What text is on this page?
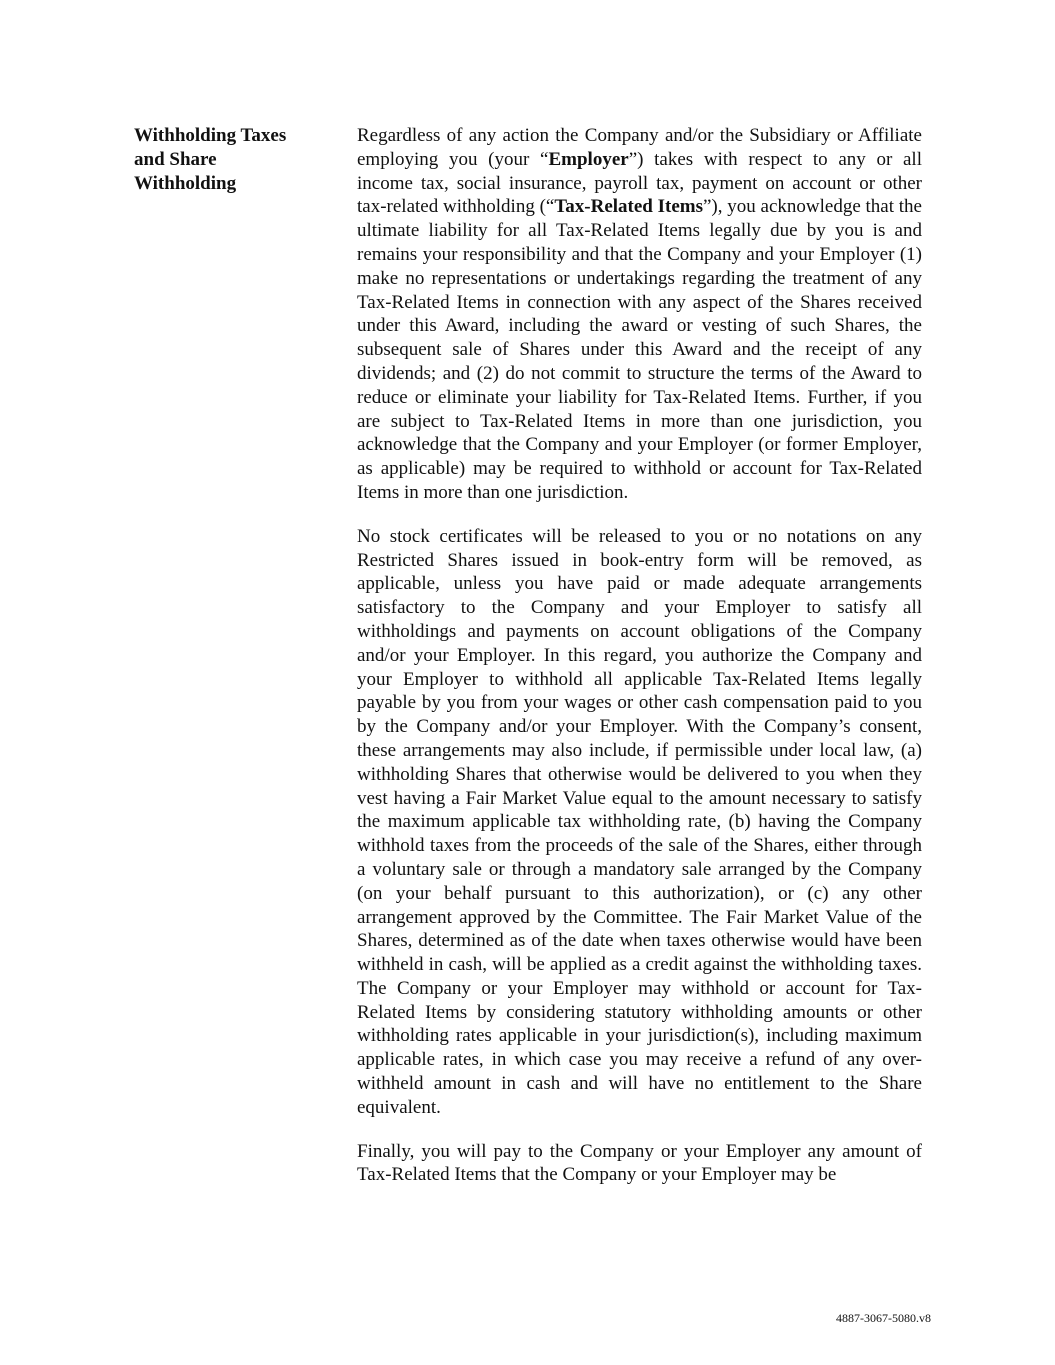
Withholding Taxes
and Share
Withholding

Regardless of any action the Company and/or the Subsidiary or Affiliate employing you (your “Employer”) takes with respect to any or all income tax, social insurance, payroll tax, payment on account or other tax-related withholding (“Tax-Related Items”), you acknowledge that the ultimate liability for all Tax-Related Items legally due by you is and remains your responsibility and that the Company and your Employer (1) make no representations or undertakings regarding the treatment of any Tax-Related Items in connection with any aspect of the Shares received under this Award, including the award or vesting of such Shares, the subsequent sale of Shares under this Award and the receipt of any dividends; and (2) do not commit to structure the terms of the Award to reduce or eliminate your liability for Tax-Related Items. Further, if you are subject to Tax-Related Items in more than one jurisdiction, you acknowledge that the Company and your Employer (or former Employer, as applicable) may be required to withhold or account for Tax-Related Items in more than one jurisdiction.

No stock certificates will be released to you or no notations on any Restricted Shares issued in book-entry form will be removed, as applicable, unless you have paid or made adequate arrangements satisfactory to the Company and your Employer to satisfy all withholdings and payments on account obligations of the Company and/or your Employer. In this regard, you authorize the Company and your Employer to withhold all applicable Tax-Related Items legally payable by you from your wages or other cash compensation paid to you by the Company and/or your Employer. With the Company’s consent, these arrangements may also include, if permissible under local law, (a) withholding Shares that otherwise would be delivered to you when they vest having a Fair Market Value equal to the amount necessary to satisfy the maximum applicable tax withholding rate, (b) having the Company withhold taxes from the proceeds of the sale of the Shares, either through a voluntary sale or through a mandatory sale arranged by the Company (on your behalf pursuant to this authorization), or (c) any other arrangement approved by the Committee. The Fair Market Value of the Shares, determined as of the date when taxes otherwise would have been withheld in cash, will be applied as a credit against the withholding taxes. The Company or your Employer may withhold or account for Tax-Related Items by considering statutory withholding amounts or other withholding rates applicable in your jurisdiction(s), including maximum applicable rates, in which case you may receive a refund of any over-withheld amount in cash and will have no entitlement to the Share equivalent.

Finally, you will pay to the Company or your Employer any amount of Tax-Related Items that the Company or your Employer may be

4887-3067-5080.v8
